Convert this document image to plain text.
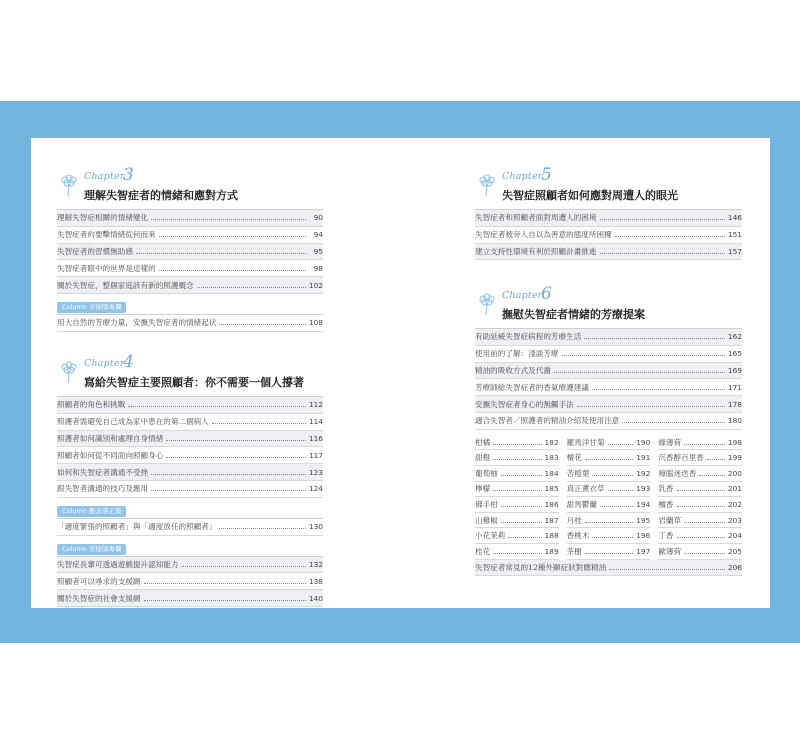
Chapter
3
理解失智症者的情緒和應對方式
理解失智症相關的情緒變化	90
失智症者約要擊情緒從何而來	94
失智症者的習慣無助感	95
失智症者眼中的世界是這樣的	98
關於失智症，整個家庭該有新的照護概念	102
Column 芳療師專欄
用大自然的芳療力量，安撫失智症者的情緒起伏	108
Chapter
4
寫給失智症主要照顧者：你不需要一個人撐著
照顧者的角色和挑戰	112
照護者需避免自己成為家中患在的第二個病人	114
照護者如何識別和處理自身情緒	116
照顧者如何從不同面向照顧身心	117
如何和失智症者溝通不受挫	123
跟失智者溝通的技巧及應用	124
Column 觀念導正篇
「適度緊張的照顧者」與「適度放任的照顧者」	130
Column 芳療師專欄
失智症長輩可透過遊戲提升認知能力	132
照顧者可以尋求的支援網	138
關於失智症的社會支援網	140
Chapter
5
失智症照顧者如何應對周遭人的眼光
失智症者和照顧者面對周遭人的困境	146
失智症者被旁人自以為善意的態度所困擾	151
建立支持性環境有利於照顧計畫推進	157
Chapter
6
撫慰失智症者情緒的芳療提案
有助延緩失智症病程的芳療生活	162
使用前的了解：淺談芳療	165
精油的吸收方式及代謝	169
芳療師給失智症者的香氣療護建議	171
安撫失智症者身心的無觸手法	178
適合失智者／照護者的精油介紹及使用注意	180
柑橘	182 羅馬洋甘菊	190 綠薄荷	198
甜橙	183 檀花	191 沉香醇百里香	199
葡萄柚	184 苦橙葉	192 樟腦迷迭香	200
檸檬	185 真正薰衣草	193 乳香	201
佛手柑	186 甜馬鬱蘭	194 檀香	202
山雞椒	187 月桂	195 岩蘭草	203
小花茉莉	188 香桃木	196 丁香	204
桂花	189 茶樹	197 歐薄荷	205
失智症者常見的12種外顯症狀對應精油	206
